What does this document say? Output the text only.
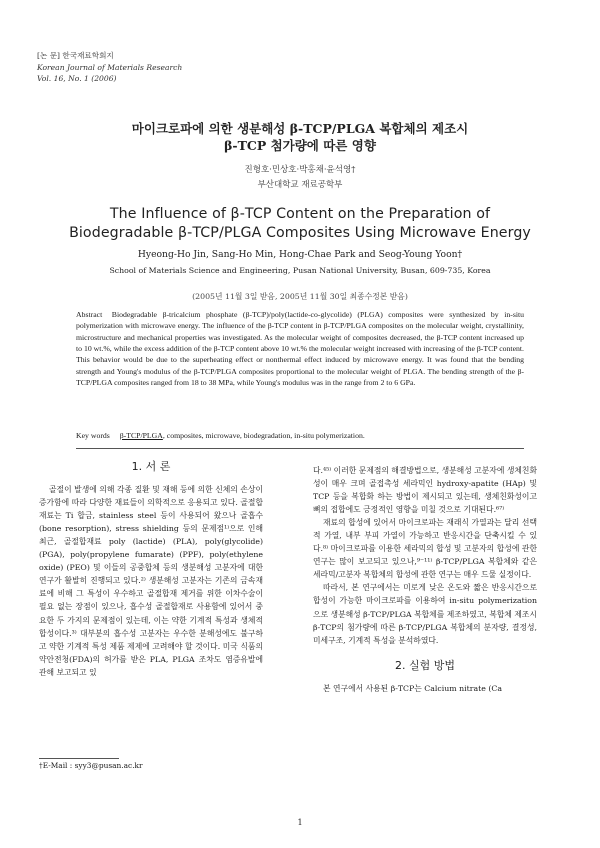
[논 문] 한국재료학회지
Korean Journal of Materials Research
Vol. 16, No. 1 (2006)
마이크로파에 의한 생분해성 β-TCP/PLGA 복합체의 제조시
β-TCP 첨가량에 따른 영향
진형호·민상호·박홍채·윤석영†
부산대학교 재료공학부
The Influence of β-TCP Content on the Preparation of
Biodegradable β-TCP/PLGA Composites Using Microwave Energy
Hyeong-Ho Jin, Sang-Ho Min, Hong-Chae Park and Seog-Young Yoon†
School of Materials Science and Engineering, Pusan National University, Busan, 609-735, Korea
(2005년 11월 3일 받음, 2005년 11월 30일 최종수정본 받음)
Abstract Biodegradable β-tricalcium phosphate (β-TCP)/poly(lactide-co-glycolide) (PLGA) composites were synthesized by in-situ polymerization with microwave energy. The influence of the β-TCP content in β-TCP/PLGA composites on the molecular weight, crystallinity, microstructure and mechanical properties was investigated. As the molecular weight of composites decreased, the β-TCP content increased up to 10 wt.%, while the excess addition of the β-TCP content above 10 wt.% the molecular weight increased with increasing of the β-TCP content. This behavior would be due to the superheating effect or nonthermal effect induced by microwave energy. It was found that the bending strength and Young's modulus of the β-TCP/PLGA composites proportional to the molecular weight of PLGA. The bending strength of the β-TCP/PLGA composites ranged from 18 to 38 MPa, while Young's modulus was in the range from 2 to 6 GPa.
Key words β-TCP/PLGA, composites, microwave, biodegradation, in-situ polymerization.
1. 서 론

골절이 발생에 의해 각종 질환 및 재해 등에 의한 신체의 손상이 증가함에 따라 다양한 재료들이 의학적으로 응용되고 있다. 골절합재료는 Ti 합금, stainless steel 등이 사용되어 왔으나 골흡수(bone resorption), stress shielding 등의 문제점¹⁾으로 인해 최근, 골절합재료 poly (lactide) (PLA), poly(glycolide) (PGA), poly(propylene fumarate) (PPF), poly(ethylene oxide) (PEO) 및 이들의 공중합체 등의 생분해성 고분자에 대한 연구가 활발히 진행되고 있다.²⁾ 생분해성 고분자는 기존의 금속재료에 비해 그 특성이 우수하고 골절합재 제거를 위한 이차수술이 필요 없는 장점이 있으나, 흡수성 골절합재로 사용함에 있어서 중요한 두 가지의 문제점이 있는데, 이는 약한 기계적 특성과 생체적합성이다.³⁾ 대부분의 흡수성 고분자는 우수한 분해성에도 불구하고 약한 기계적 특성 제품 제제에 고려해야 할 것이다. 미국 식품의약안전청(FDA)의 허가를 받은 PLA, PLGA 조차도 염증유발에 관해 보고되고 있

다.⁴⁵⁾ 이러한 문제점의 해결방법으로, 생분해성 고분자에 생체친화성이 매우 크며 골접촉성 세라믹인 hydroxy-apatite (HAp) 및 TCP 등을 복합화 하는 방법이 제시되고 있는데, 생체친화성이고 뼈의 접합에도 긍정적인 영향을 미칠 것으로 기대된다.⁶⁷⁾

재료의 합성에 있어서 마이크로파는 재래식 가열과는 달리 선택적 가열, 내부 부피 가열이 가능하고 반응시간을 단축시킬 수 있다.⁸⁾ 마이크로파를 이용한 세라믹의 합성 및 고분자의 합성에 관한 연구는 많이 보고되고 있으나,⁹⁻¹¹⁾ β-TCP/PLGA 복합체와 같은 세라믹/고분자 복합체의 합성에 관한 연구는 매우 드물 실정이다.

따라서, 본 연구에서는 미로게 낮은 온도와 짧은 반응시간으로 합성이 가능한 마이크로파를 이용하여 in-situ polymerization으로 생분해성 β-TCP/PLGA 복합체를 제조하였고, 복합체 제조시 β-TCP의 첨가량에 따른 β-TCP/PLGA 복합체의 분자량, 결정성, 미세구조, 기계적 특성을 분석하였다.

2. 실험 방법

본 연구에서 사용된 β-TCP는 Calcium nitrate (Ca

†E-Mail : syy3@pusan.ac.kr
1
